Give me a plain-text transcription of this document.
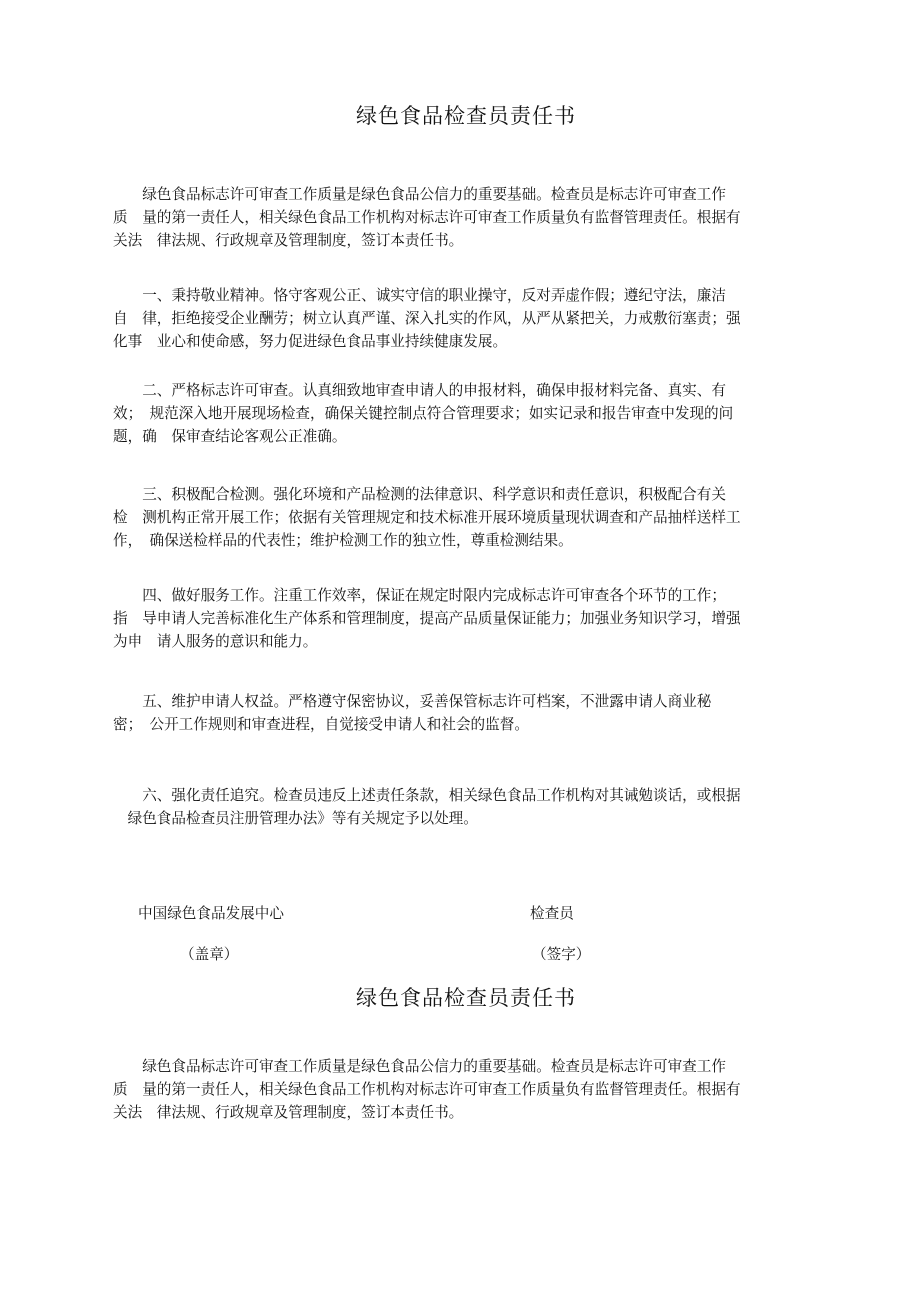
绿色食品检查员责任书
　　绿色食品标志许可审查工作质量是绿色食品公信力的重要基础。检查员是标志许可审查工作
质　量的第一责任人，相关绿色食品工作机构对标志许可审查工作质量负有监督管理责任。根据有
关法　律法规、行政规章及管理制度，签订本责任书。
　　一、秉持敬业精神。恪守客观公正、诚实守信的职业操守，反对弄虚作假；遵纪守法，廉洁
自　律，拒绝接受企业酬劳；树立认真严谨、深入扎实的作风，从严从紧把关，力戒敷衍塞责；强
化事　业心和使命感，努力促进绿色食品事业持续健康发展。
　　二、严格标志许可审查。认真细致地审查申请人的申报材料，确保申报材料完备、真实、有
效；　规范深入地开展现场检查，确保关键控制点符合管理要求；如实记录和报告审查中发现的问
题，确　保审查结论客观公正准确。
　　三、积极配合检测。强化环境和产品检测的法律意识、科学意识和责任意识，积极配合有关
检　测机构正常开展工作；依据有关管理规定和技术标准开展环境质量现状调查和产品抽样送样工
作，　确保送检样品的代表性；维护检测工作的独立性，尊重检测结果。
　　四、做好服务工作。注重工作效率，保证在规定时限内完成标志许可审查各个环节的工作；
指　导申请人完善标准化生产体系和管理制度，提高产品质量保证能力；加强业务知识学习，增强
为申　请人服务的意识和能力。
　　五、维护申请人权益。严格遵守保密协议，妥善保管标志许可档案，不泄露申请人商业秘
密；　公开工作规则和审查进程，自觉接受申请人和社会的监督。
　　六、强化责任追究。检查员违反上述责任条款，相关绿色食品工作机构对其诫勉谈话，或根据
　绿色食品检查员注册管理办法》等有关规定予以处理。
中国绿色食品发展中心	检查员
（盖章）	（签字）
绿色食品检查员责任书
　　绿色食品标志许可审查工作质量是绿色食品公信力的重要基础。检查员是标志许可审查工作
质　量的第一责任人，相关绿色食品工作机构对标志许可审查工作质量负有监督管理责任。根据有
关法　律法规、行政规章及管理制度，签订本责任书。
